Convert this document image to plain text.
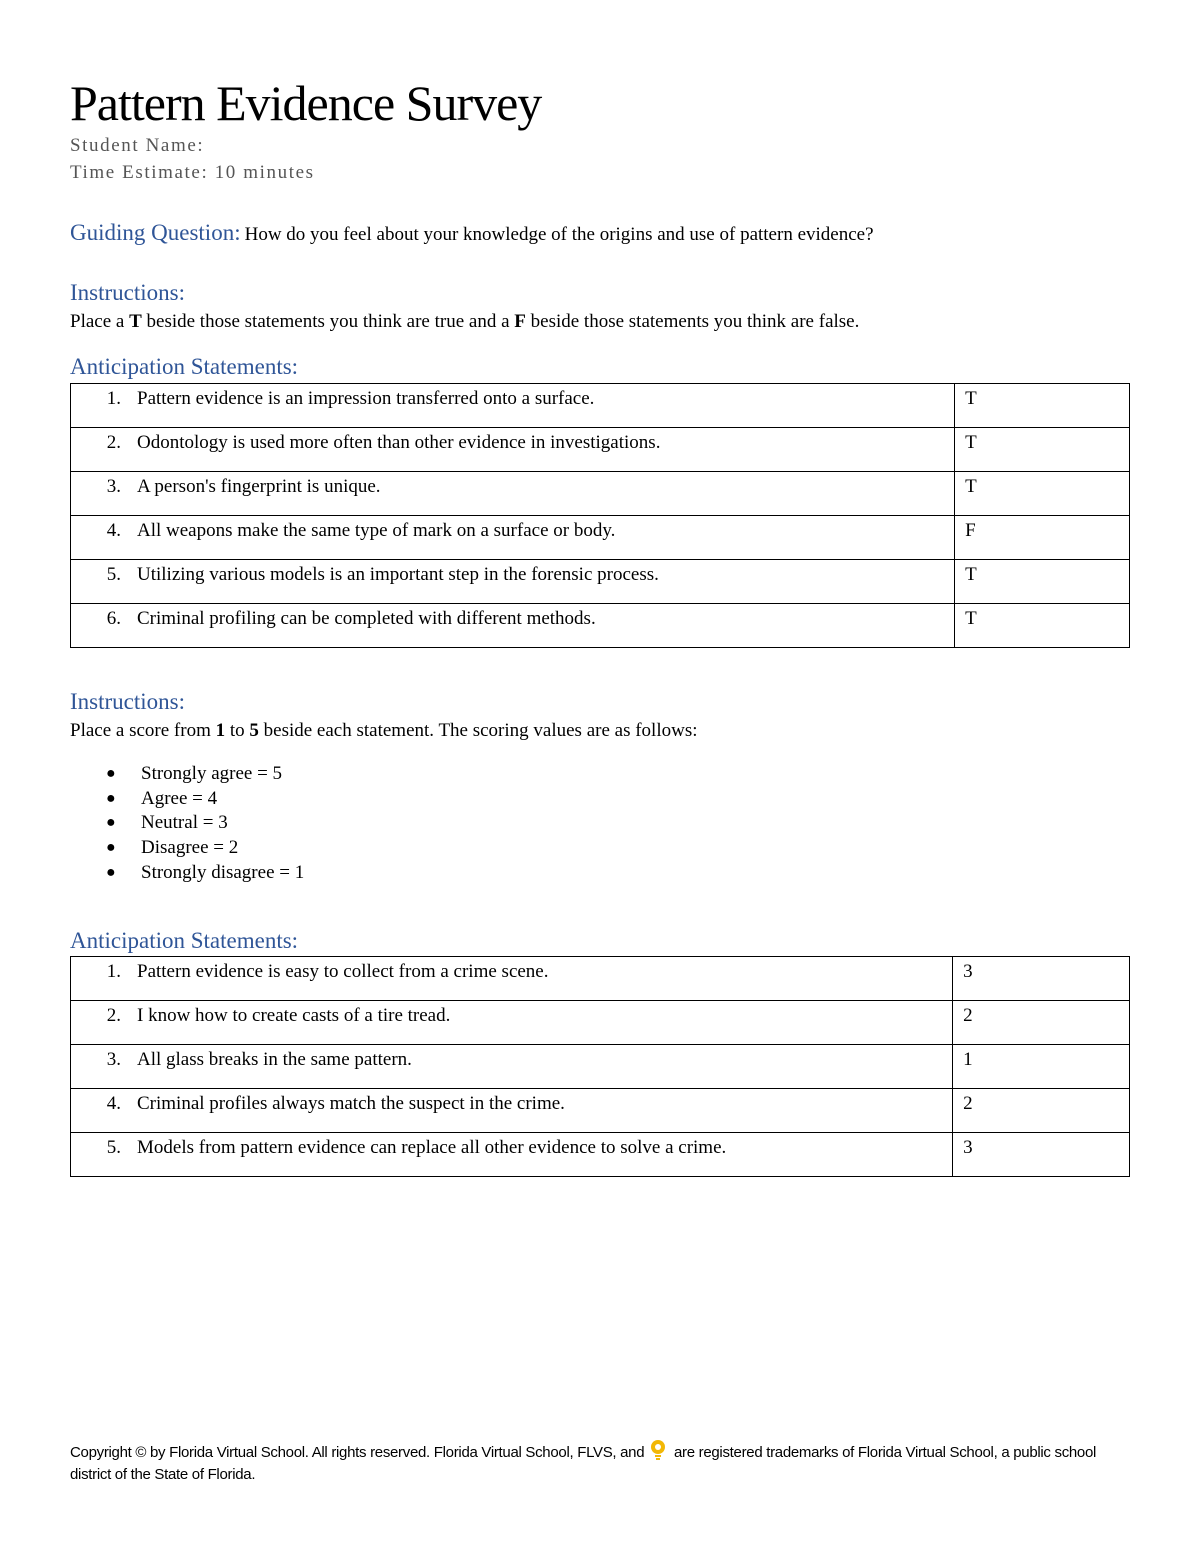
Pattern Evidence Survey
Student Name:
Time Estimate: 10 minutes
Guiding Question: How do you feel about your knowledge of the origins and use of pattern evidence?
Instructions:
Place a T beside those statements you think are true and a F beside those statements you think are false.
Anticipation Statements:
1. Pattern evidence is an impression transferred onto a surface.	T
2. Odontology is used more often than other evidence in investigations.	T
3. A person's fingerprint is unique.	T
4. All weapons make the same type of mark on a surface or body.	F
5. Utilizing various models is an important step in the forensic process.	T
6. Criminal profiling can be completed with different methods.	T
Instructions:
Place a score from 1 to 5 beside each statement. The scoring values are as follows:
● Strongly agree = 5
● Agree = 4
● Neutral = 3
● Disagree = 2
● Strongly disagree = 1
Anticipation Statements:
1. Pattern evidence is easy to collect from a crime scene.	3
2. I know how to create casts of a tire tread.	2
3. All glass breaks in the same pattern.	1
4. Criminal profiles always match the suspect in the crime.	2
5. Models from pattern evidence can replace all other evidence to solve a crime.	3
Copyright © by Florida Virtual School. All rights reserved. Florida Virtual School, FLVS, and  are registered trademarks of Florida Virtual School, a public school district of the State of Florida.
